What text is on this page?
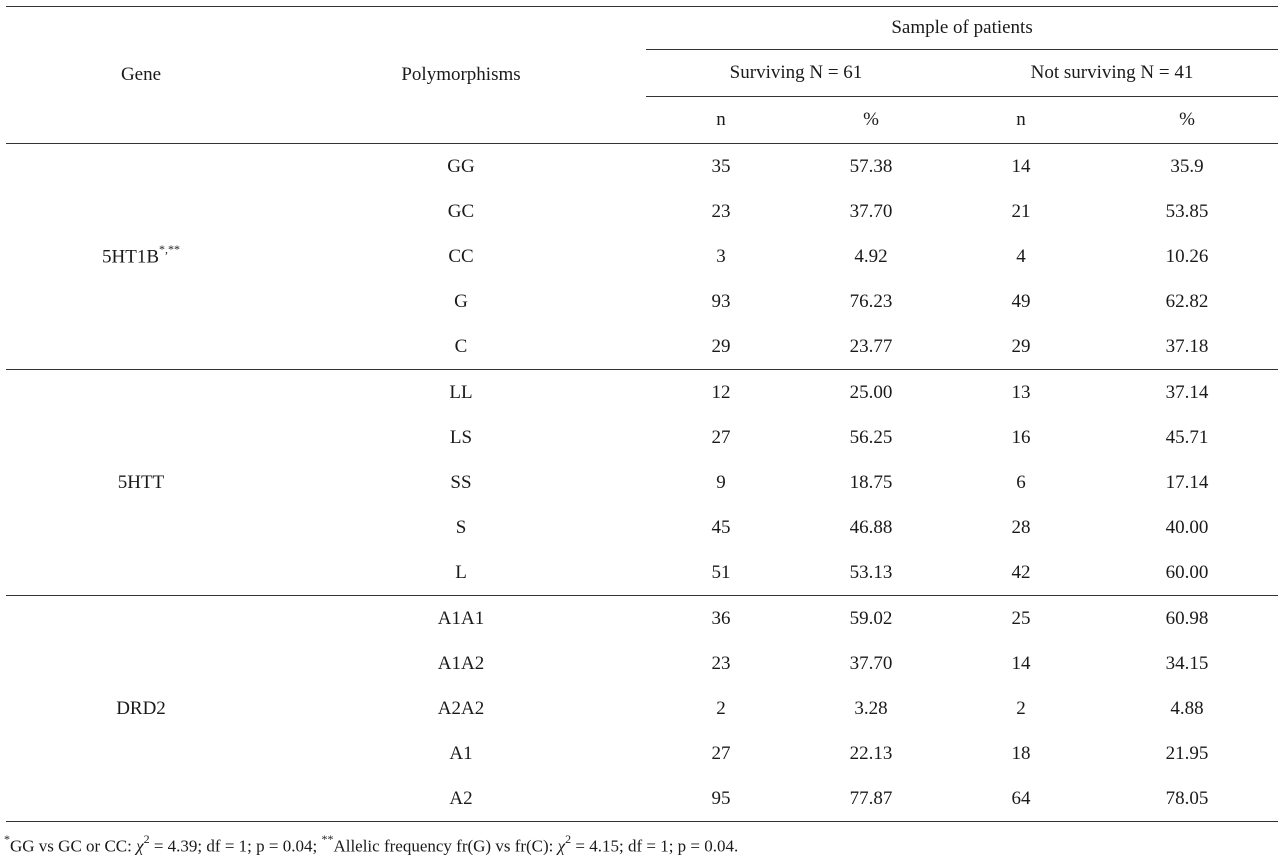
Gene	Polymorphisms	Sample of patients			
		Surviving N = 61		Not surviving N = 41	
		n	%	n	%
5HT1B*,**	GG	35	57.38	14	35.9
	GC	23	37.70	21	53.85
	CC	3	4.92	4	10.26
	G	93	76.23	49	62.82
	C	29	23.77	29	37.18
5HTT	LL	12	25.00	13	37.14
	LS	27	56.25	16	45.71
	SS	9	18.75	6	17.14
	S	45	46.88	28	40.00
	L	51	53.13	42	60.00
DRD2	A1A1	36	59.02	25	60.98
	A1A2	23	37.70	14	34.15
	A2A2	2	3.28	2	4.88
	A1	27	22.13	18	21.95
	A2	95	77.87	64	78.05
*GG vs GC or CC: $\chi^2 = 4.39$; df = 1; p = 0.04; **Allelic frequency fr(G) vs fr(C): $\chi^2 = 4.15$; df = 1; p = 0.04.
